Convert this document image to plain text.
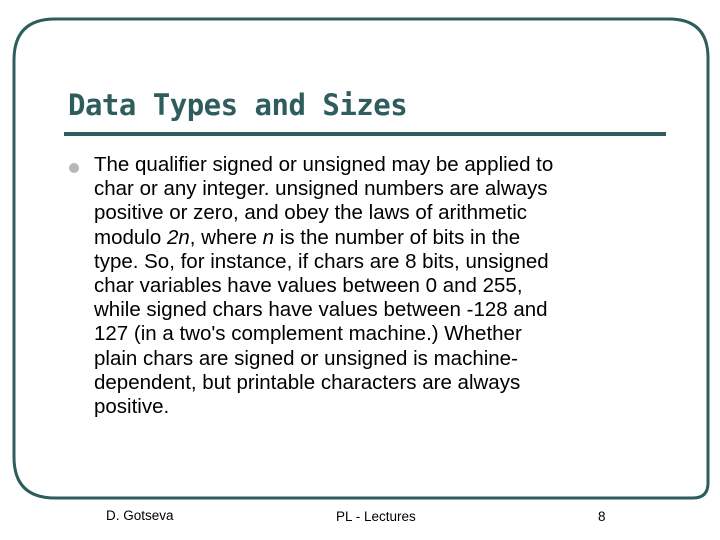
Data Types and Sizes

The qualifier signed or unsigned may be applied to
char or any integer. unsigned numbers are always
positive or zero, and obey the laws of arithmetic
modulo 2n, where n is the number of bits in the
type. So, for instance, if chars are 8 bits, unsigned
char variables have values between 0 and 255,
while signed chars have values between -128 and
127 (in a two's complement machine.) Whether
plain chars are signed or unsigned is machine-
dependent, but printable characters are always
positive.

D. Gotseva	PL - Lectures	8
